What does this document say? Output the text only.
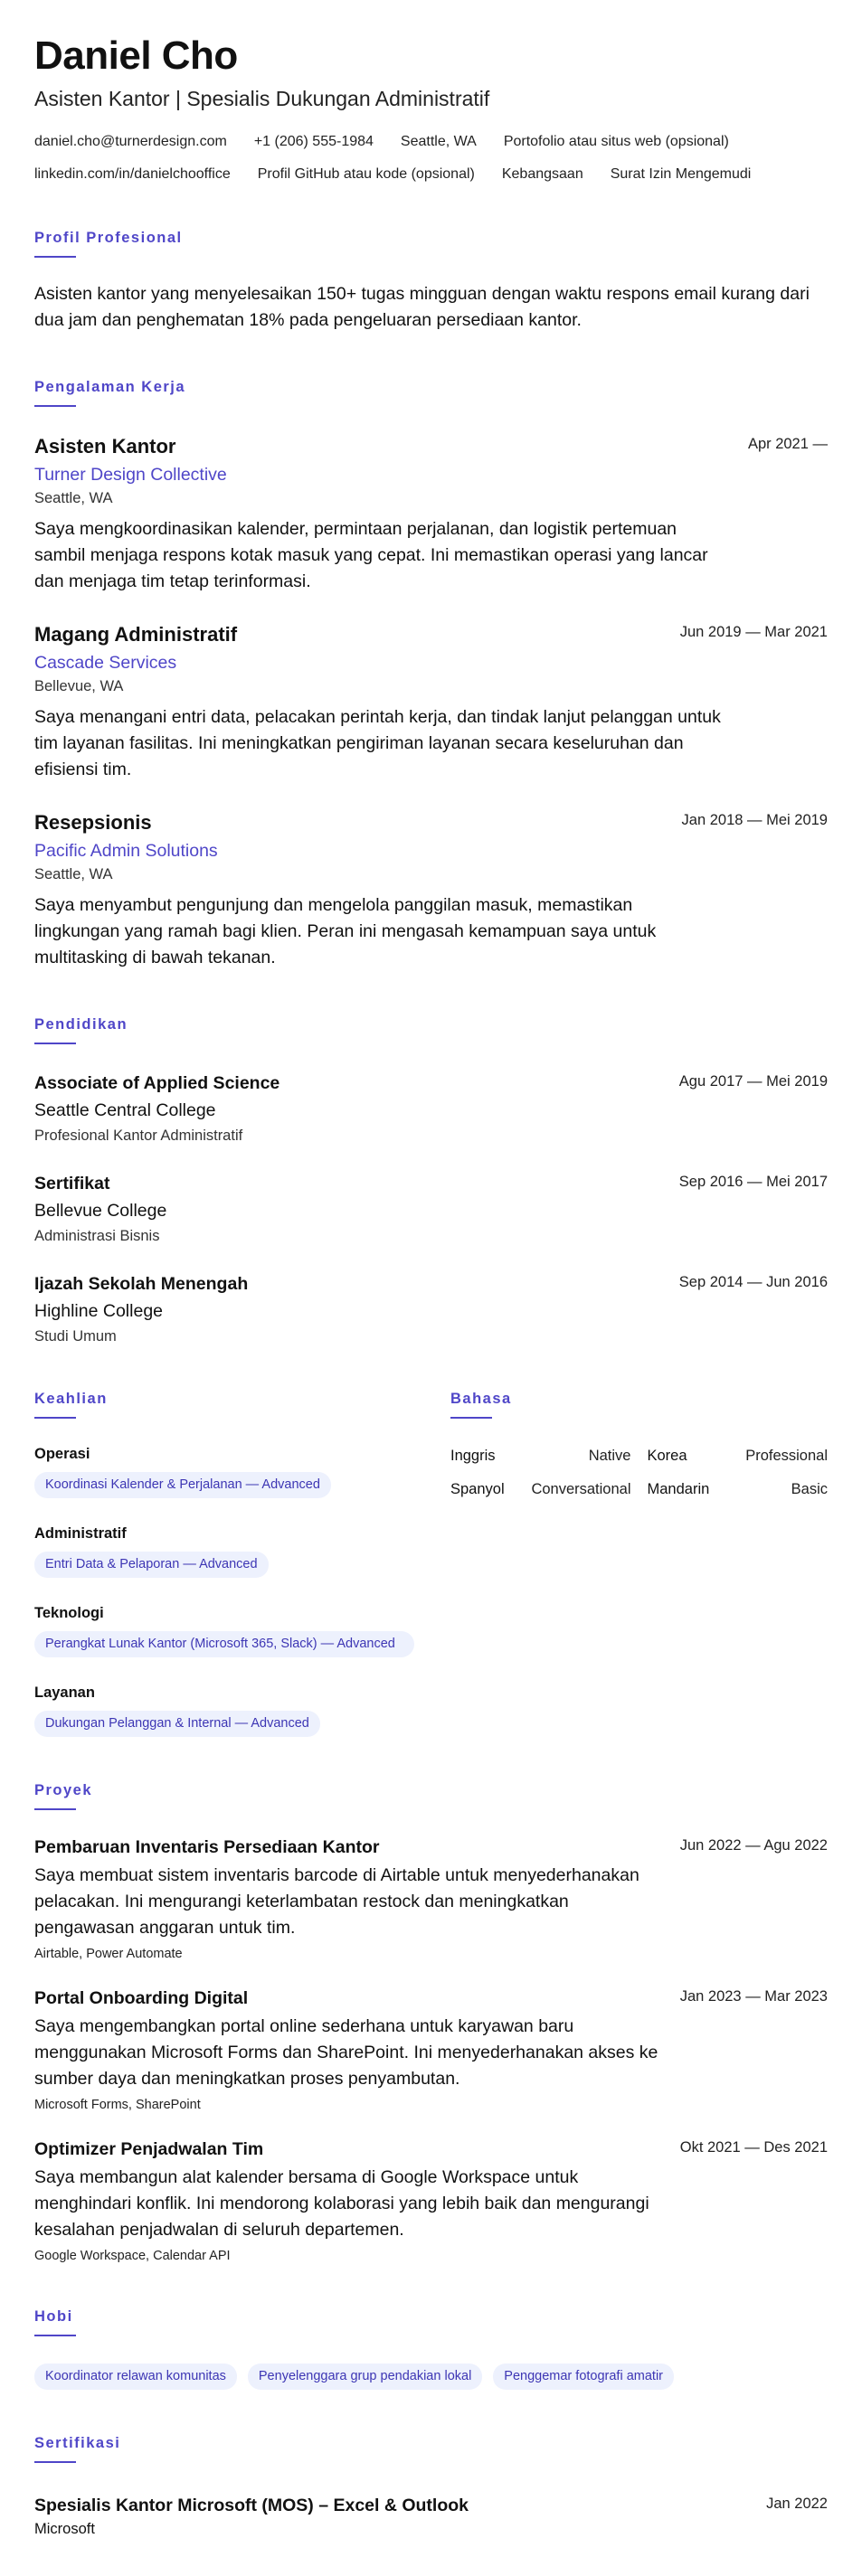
Daniel Cho
Asisten Kantor | Spesialis Dukungan Administratif
daniel.cho@turnerdesign.com +1 (206) 555-1984 Seattle, WA Portofolio atau situs web (opsional)
linkedin.com/in/danielchooffice Profil GitHub atau kode (opsional) Kebangsaan Surat Izin Mengemudi
Profil Profesional
Asisten kantor yang menyelesaikan 150+ tugas mingguan dengan waktu respons email kurang dari dua jam dan penghematan 18% pada pengeluaran persediaan kantor.
Pengalaman Kerja
Asisten Kantor	Apr 2021 —
Turner Design Collective
Seattle, WA
Saya mengkoordinasikan kalender, permintaan perjalanan, dan logistik pertemuan sambil menjaga respons kotak masuk yang cepat. Ini memastikan operasi yang lancar dan menjaga tim tetap terinformasi.
Magang Administratif	Jun 2019 — Mar 2021
Cascade Services
Bellevue, WA
Saya menangani entri data, pelacakan perintah kerja, dan tindak lanjut pelanggan untuk tim layanan fasilitas. Ini meningkatkan pengiriman layanan secara keseluruhan dan efisiensi tim.
Resepsionis	Jan 2018 — Mei 2019
Pacific Admin Solutions
Seattle, WA
Saya menyambut pengunjung dan mengelola panggilan masuk, memastikan lingkungan yang ramah bagi klien. Peran ini mengasah kemampuan saya untuk multitasking di bawah tekanan.
Pendidikan
Associate of Applied Science	Agu 2017 — Mei 2019
Seattle Central College
Profesional Kantor Administratif
Sertifikat	Sep 2016 — Mei 2017
Bellevue College
Administrasi Bisnis
Ijazah Sekolah Menengah	Sep 2014 — Jun 2016
Highline College
Studi Umum
Keahlian
Operasi
Koordinasi Kalender & Perjalanan — Advanced
Administratif
Entri Data & Pelaporan — Advanced
Teknologi
Perangkat Lunak Kantor (Microsoft 365, Slack) — Advanced
Layanan
Dukungan Pelanggan & Internal — Advanced
Bahasa
Inggris	Native Korea	Professional
Spanyol Conversational Mandarin	Basic
Proyek
Pembaruan Inventaris Persediaan Kantor	Jun 2022 — Agu 2022
Saya membuat sistem inventaris barcode di Airtable untuk menyederhanakan pelacakan. Ini mengurangi keterlambatan restock dan meningkatkan pengawasan anggaran untuk tim.
Airtable, Power Automate
Portal Onboarding Digital	Jan 2023 — Mar 2023
Saya mengembangkan portal online sederhana untuk karyawan baru menggunakan Microsoft Forms dan SharePoint. Ini menyederhanakan akses ke sumber daya dan meningkatkan proses penyambutan.
Microsoft Forms, SharePoint
Optimizer Penjadwalan Tim	Okt 2021 — Des 2021
Saya membangun alat kalender bersama di Google Workspace untuk menghindari konflik. Ini mendorong kolaborasi yang lebih baik dan mengurangi kesalahan penjadwalan di seluruh departemen.
Google Workspace, Calendar API
Hobi
Koordinator relawan komunitas	Penyelenggara grup pendakian lokal	Penggemar fotografi amatir
Sertifikasi
Spesialis Kantor Microsoft (MOS) – Excel & Outlook	Jan 2022
Microsoft
